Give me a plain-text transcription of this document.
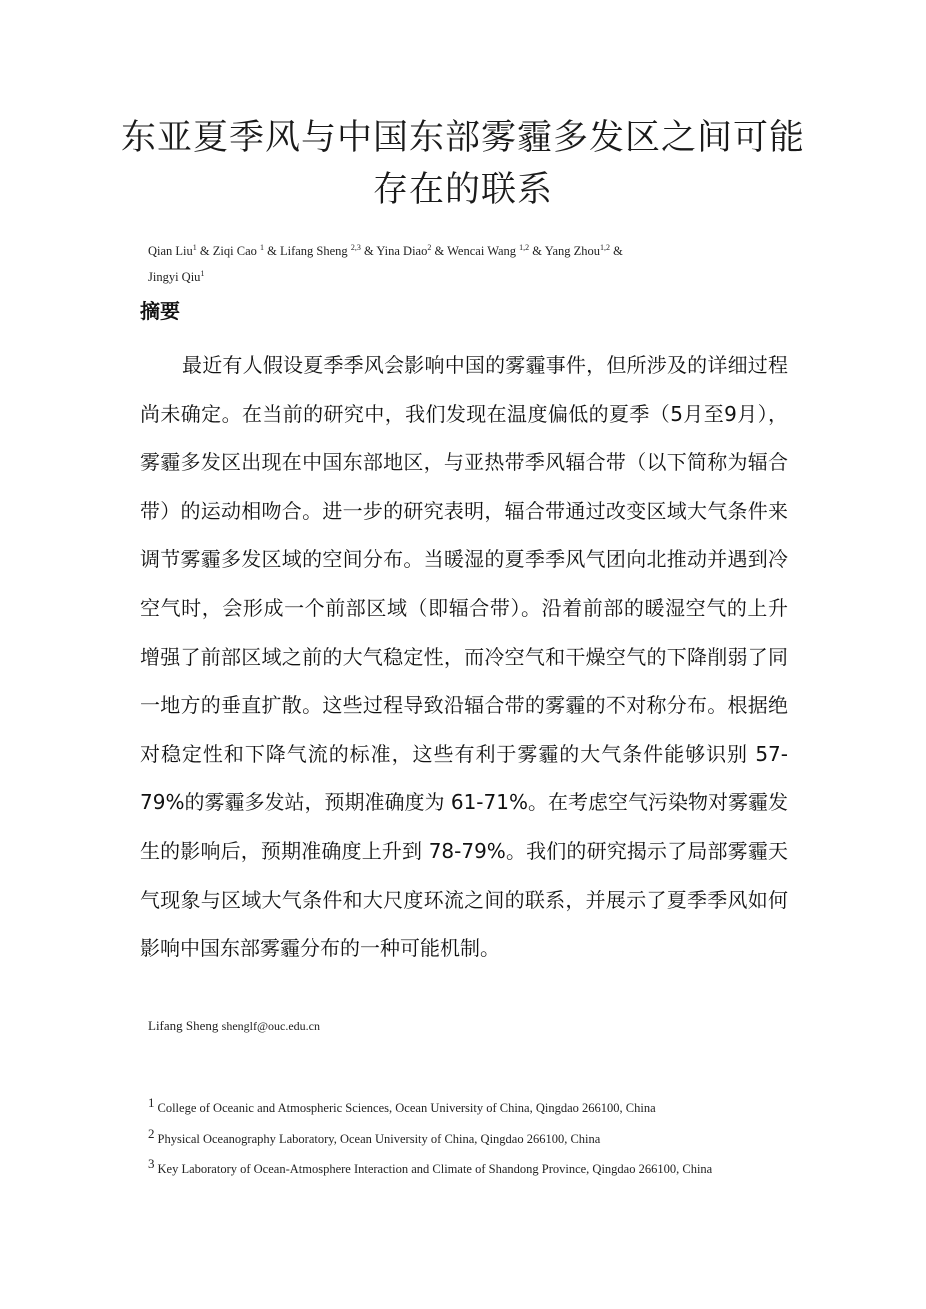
东亚夏季风与中国东部雾霾多发区之间可能存在的联系
Qian Liu$^1$ & Ziqi Cao $^1$ & Lifang Sheng $^{2,3}$ & Yina Diao$^2$ & Wencai Wang $^{1,2}$ & Yang Zhou$^{1,2}$ &
Jingyi Qiu$^1$
摘要

最近有人假设夏季季风会影响中国的雾霾事件，但所涉及的详细过程尚未确定。在当前的研究中，我们发现在温度偏低的夏季（5月至9月），雾霾多发区出现在中国东部地区，与亚热带季风辐合带（以下简称为辐合带）的运动相吻合。进一步的研究表明，辐合带通过改变区域大气条件来调节雾霾多发区域的空间分布。当暖湿的夏季季风气团向北推动并遇到冷空气时，会形成一个前部区域（即辐合带）。沿着前部的暖湿空气的上升增强了前部区域之前的大气稳定性，而冷空气和干燥空气的下降削弱了同一地方的垂直扩散。这些过程导致沿辐合带的雾霾的不对称分布。根据绝对稳定性和下降气流的标准，这些有利于雾霾的大气条件能够识别 57-79%的雾霾多发站，预期准确度为 61-71%。在考虑空气污染物对雾霾发生的影响后，预期准确度上升到 78-79%。我们的研究揭示了局部雾霾天气现象与区域大气条件和大尺度环流之间的联系，并展示了夏季季风如何影响中国东部雾霾分布的一种可能机制。

Lifang Sheng shenglf@ouc.edu.cn
1 College of Oceanic and Atmospheric Sciences, Ocean University of China, Qingdao 266100, China
2 Physical Oceanography Laboratory, Ocean University of China, Qingdao 266100, China
3 Key Laboratory of Ocean-Atmosphere Interaction and Climate of Shandong Province, Qingdao 266100, China
